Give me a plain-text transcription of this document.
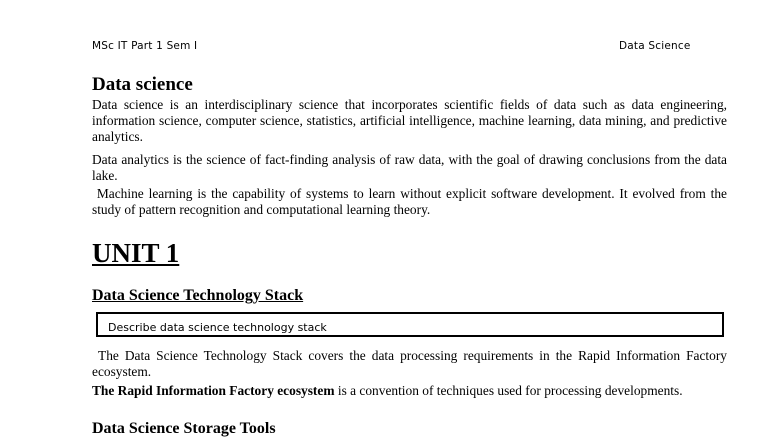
MSc IT Part 1 Sem I	Data Science
Data science
Data science is an interdisciplinary science that incorporates scientific fields of data such as data engineering, information science, computer science, statistics, artificial intelligence, machine learning, data mining, and predictive analytics.
Data analytics is the science of fact-finding analysis of raw data, with the goal of drawing conclusions from the data lake.
Machine learning is the capability of systems to learn without explicit software development. It evolved from the study of pattern recognition and computational learning theory.
UNIT 1
Data Science Technology Stack
Describe data science technology stack
The Data Science Technology Stack covers the data processing requirements in the Rapid Information Factory ecosystem.
The Rapid Information Factory ecosystem is a convention of techniques used for processing developments.
Data Science Storage Tools
